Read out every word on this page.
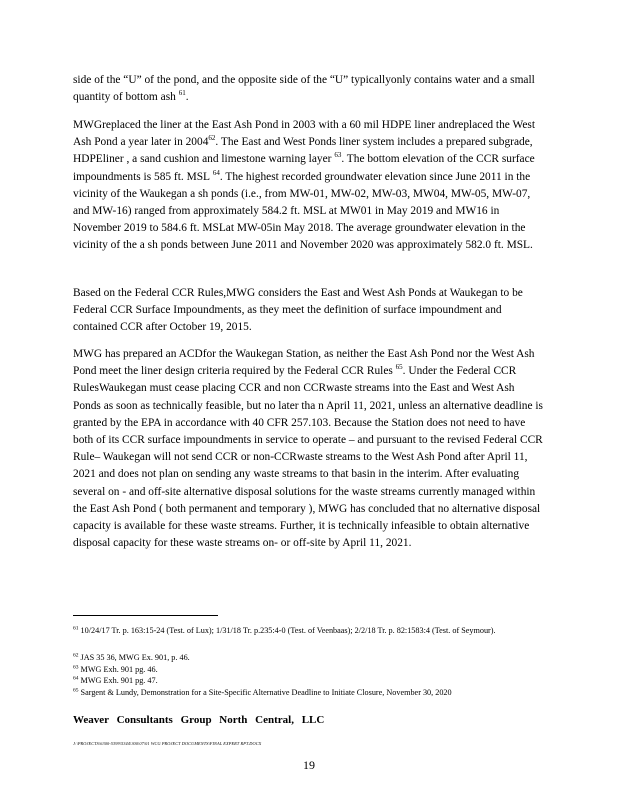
side of the “U” of the pond, and the opposite side of the “U” typicallyonly contains water and a small quantity of bottom ash $^{61}$.

MWGreplaced the liner at the East Ash Pond in 2003 with a 60 mil HDPE liner andreplaced the West Ash Pond a year later in 2004$^{62}$. The East and West Ponds liner system includes a prepared subgrade, HDPEliner , a sand cushion and limestone warning layer $^{63}$. The bottom elevation of the CCR surface impoundments is 585 ft. MSL $^{64}$. The highest recorded groundwater elevation since June 2011 in the vicinity of the Waukegan a sh ponds (i.e., from MW-01, MW-02, MW-03, MW04, MW-05, MW-07, and MW-16) ranged from approximately 584.2 ft. MSL at MW01 in May 2019 and MW16 in November 2019 to 584.6 ft. MSLat MW-05in May 2018. The average groundwater elevation in the vicinity of the a sh ponds between June 2011 and November 2020 was approximately 582.0 ft. MSL.

Based on the Federal CCR Rules,MWG considers the East and West Ash Ponds at Waukegan to be Federal CCR Surface Impoundments, as they meet the definition of surface impoundment and contained CCR after October 19, 2015.

MWG has prepared an ACDfor the Waukegan Station, as neither the East Ash Pond nor the West Ash Pond meet the liner design criteria required by the Federal CCR Rules $^{65}$. Under the Federal CCR RulesWaukegan must cease placing CCR and non CCRwaste streams into the East and West Ash Ponds as soon as technically feasible, but no later tha n April 11, 2021, unless an alternative deadline is granted by the EPA in accordance with 40 CFR 257.103. Because the Station does not need to have both of its CCR surface impoundments in service to operate – and pursuant to the revised Federal CCR Rule– Waukegan will not send CCR or non-CCRwaste streams to the West Ash Pond after April 11, 2021 and does not plan on sending any waste streams to that basin in the interim. After evaluating several on - and off-site alternative disposal solutions for the waste streams currently managed within the East Ash Pond ( both permanent and temporary ), MWG has concluded that no alternative disposal capacity is available for these waste streams. Further, it is technically infeasible to obtain alternative disposal capacity for these waste streams on- or off-site by April 11, 2021.

$^{61}$ 10/24/17 Tr. p. 163:15-24 (Test. of Lux); 1/31/18 Tr. p.235:4-0 (Test. of Veenbaas); 2/2/18 Tr. p. 82:1583:4 (Test. of Seymour).

$^{62}$ JAS 35 36, MWG Ex. 901, p. 46.

$^{63}$ MWG Exh. 901 pg. 46.

$^{64}$ MWG Exh. 901 pg. 47.

$^{65}$ Sargent & Lundy, Demonstration for a Site-Specific Alternative Deadline to Initiate Closure, November 30, 2020

Weaver Consultants Group North Central, LLC
J:\PROJECTS\6300-5399\5344\300\07\01 WCG PROJECT DOCUMENTS\FINAL EXPERT RPT.DOCX
19
